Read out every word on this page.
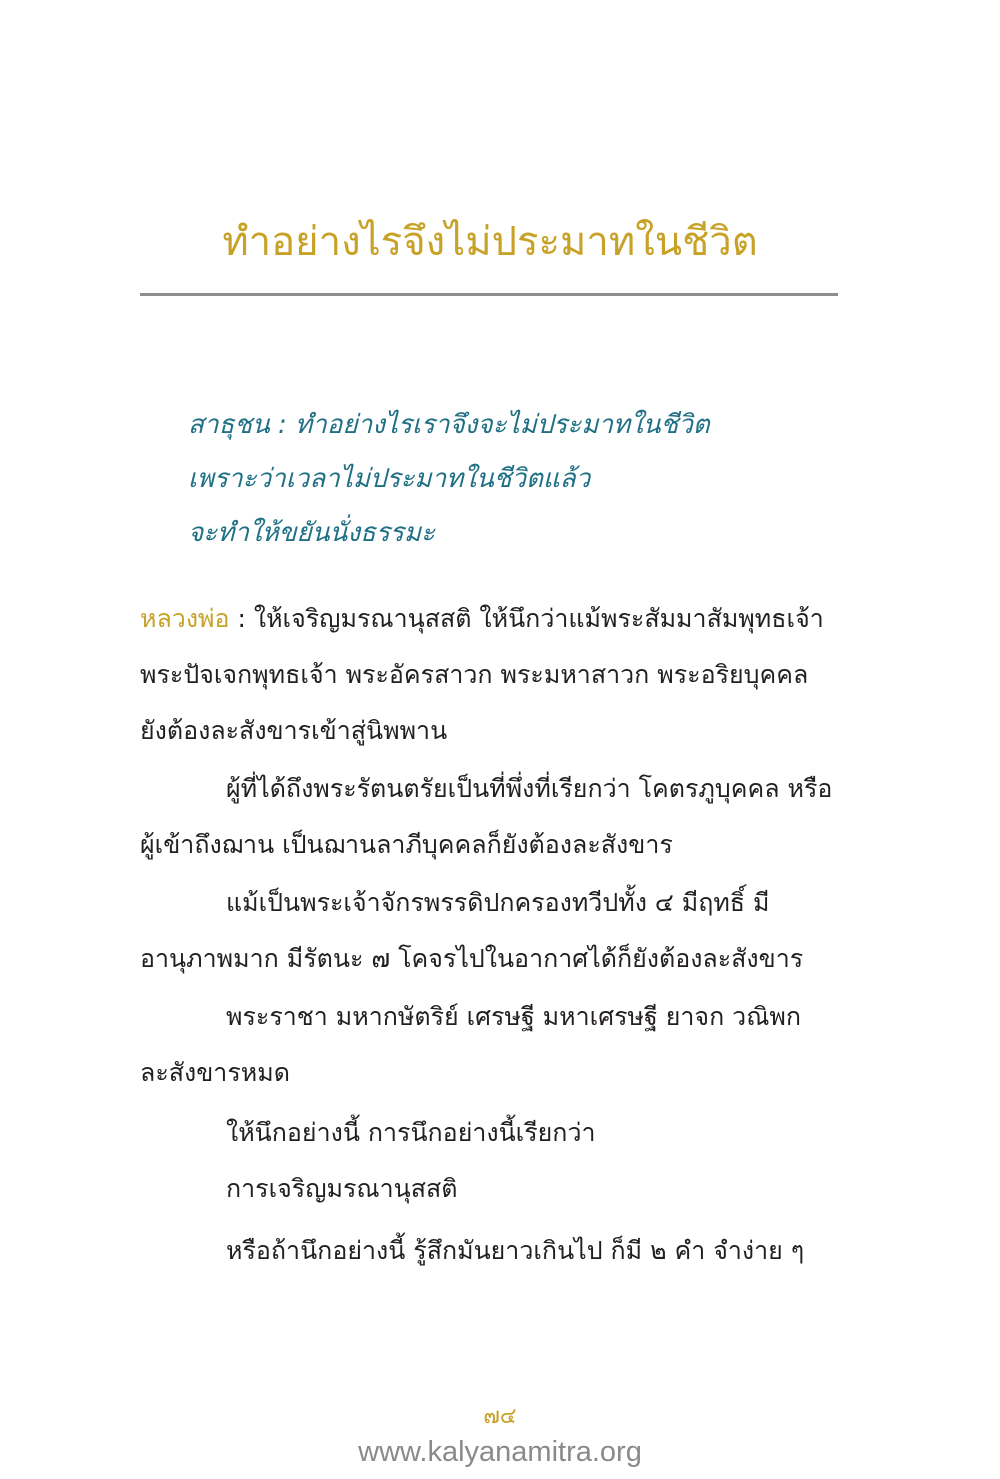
ทำอย่างไรจึงไม่ประมาทในชีวิต
สาธุชน : ทำอย่างไรเราจึงจะไม่ประมาทในชีวิต
เพราะว่าเวลาไม่ประมาทในชีวิตแล้ว
จะทำให้ขยันนั่งธรรมะ
หลวงพ่อ : ให้เจริญมรณานุสสติ ให้นึกว่าแม้พระสัมมาสัมพุทธเจ้า
พระปัจเจกพุทธเจ้า พระอัครสาวก พระมหาสาวก พระอริยบุคคล
ยังต้องละสังขารเข้าสู่นิพพาน
ผู้ที่ได้ถึงพระรัตนตรัยเป็นที่พึ่งที่เรียกว่า โคตรภูบุคคล หรือ
ผู้เข้าถึงฌาน เป็นฌานลาภีบุคคลก็ยังต้องละสังขาร
แม้เป็นพระเจ้าจักรพรรดิปกครองทวีปทั้ง ๔ มีฤทธิ์ มี
อานุภาพมาก มีรัตนะ ๗ โคจรไปในอากาศได้ก็ยังต้องละสังขาร
พระราชา มหากษัตริย์ เศรษฐี มหาเศรษฐี ยาจก วณิพก
ละสังขารหมด
ให้นึกอย่างนี้ การนึกอย่างนี้เรียกว่า
การเจริญมรณานุสสติ
หรือถ้านึกอย่างนี้ รู้สึกมันยาวเกินไป ก็มี ๒ คำ จำง่าย ๆ
๗๔
www.kalyanamitra.org
